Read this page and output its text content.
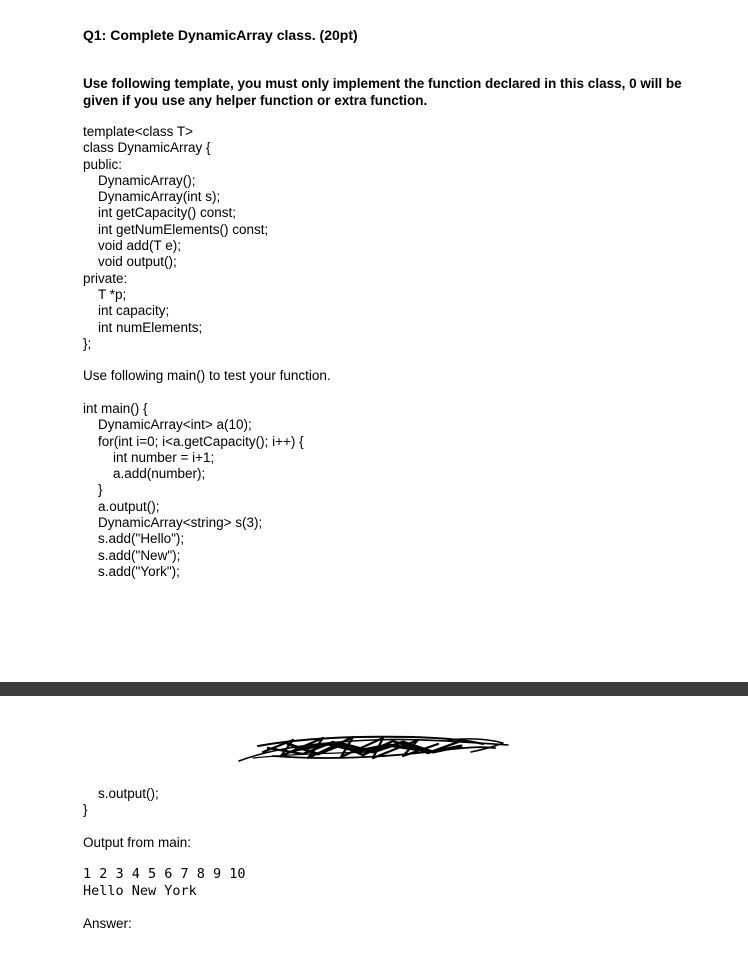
Q1: Complete DynamicArray class. (20pt)
Use following template, you must only implement the function declared in this class, 0 will be given if you use any helper function or extra function.
template<class T>
class DynamicArray {
public:
DynamicArray();
DynamicArray(int s);
int getCapacity() const;
int getNumElements() const;
void add(T e);
void output();
private:
T *p;
int capacity;
int numElements;
};
Use following main() to test your function.
int main() {
DynamicArray<int> a(10);
for(int i=0; i<a.getCapacity(); i++) {
int number = i+1;
a.add(number);
}
a.output();
DynamicArray<string> s(3);
s.add("Hello");
s.add("New");
s.add("York");
s.output();
}
Output from main:
1 2 3 4 5 6 7 8 9 10
Hello New York
Answer:
